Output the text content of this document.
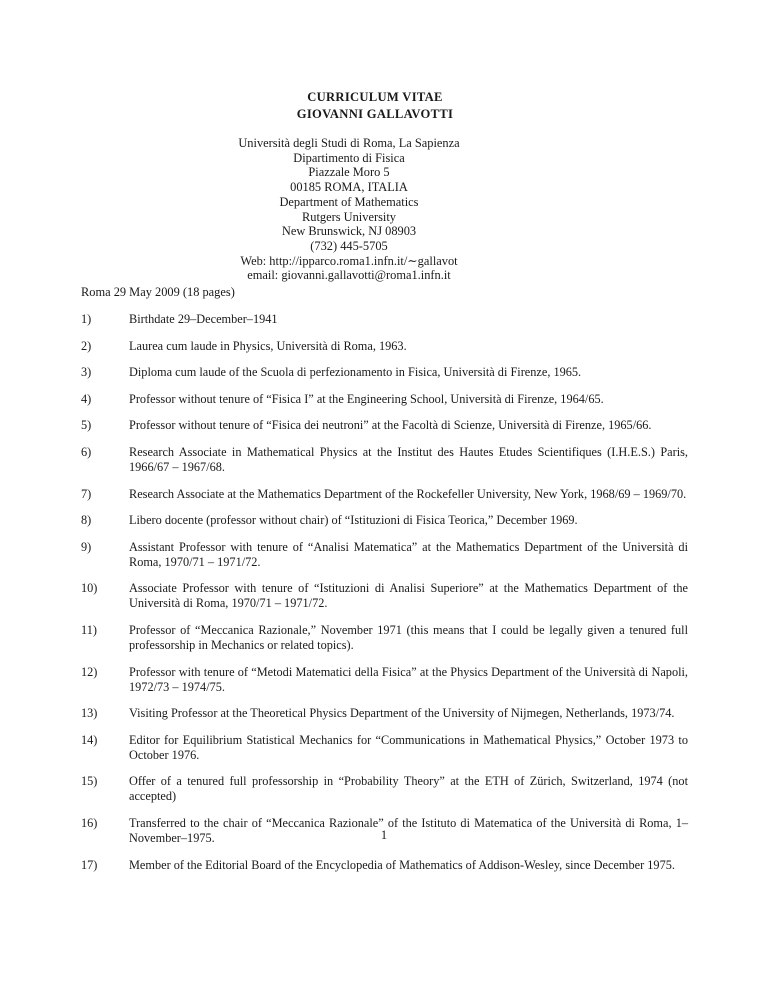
CURRICULUM VITAE
GIOVANNI GALLAVOTTI
Università degli Studi di Roma, La Sapienza
Dipartimento di Fisica
Piazzale Moro 5
00185 ROMA, ITALIA
Department of Mathematics
Rutgers University
New Brunswick, NJ 08903
(732) 445-5705
Web: http://ipparco.roma1.infn.it/∼gallavot
email: giovanni.gallavotti@roma1.infn.it
Roma 29 May 2009 (18 pages)
1)	Birthdate 29–December–1941
2)	Laurea cum laude in Physics, Università di Roma, 1963.
3)	Diploma cum laude of the Scuola di perfezionamento in Fisica, Università di Firenze, 1965.
4)	Professor without tenure of “Fisica I” at the Engineering School, Università di Firenze, 1964/65.
5)	Professor without tenure of “Fisica dei neutroni” at the Facoltà di Scienze, Università di Firenze, 1965/66.
6)	Research Associate in Mathematical Physics at the Institut des Hautes Etudes Scientifiques (I.H.E.S.) Paris, 1966/67 – 1967/68.
7)	Research Associate at the Mathematics Department of the Rockefeller University, New York, 1968/69 – 1969/70.
8)	Libero docente (professor without chair) of “Istituzioni di Fisica Teorica,” December 1969.
9)	Assistant Professor with tenure of “Analisi Matematica” at the Mathematics Department of the Università di Roma, 1970/71 – 1971/72.
10)	Associate Professor with tenure of “Istituzioni di Analisi Superiore” at the Mathematics Department of the Università di Roma, 1970/71 – 1971/72.
11)	Professor of “Meccanica Razionale,” November 1971 (this means that I could be legally given a tenured full professorship in Mechanics or related topics).
12)	Professor with tenure of “Metodi Matematici della Fisica” at the Physics Department of the Università di Napoli, 1972/73 – 1974/75.
13)	Visiting Professor at the Theoretical Physics Department of the University of Nijmegen, Netherlands, 1973/74.
14)	Editor for Equilibrium Statistical Mechanics for “Communications in Mathematical Physics,” October 1973 to October 1976.
15)	Offer of a tenured full professorship in “Probability Theory” at the ETH of Zürich, Switzerland, 1974 (not accepted)
16)	Transferred to the chair of “Meccanica Razionale” of the Istituto di Matematica of the Università di Roma, 1–November–1975.
17)	Member of the Editorial Board of the Encyclopedia of Mathematics of Addison-Wesley, since December 1975.
1
